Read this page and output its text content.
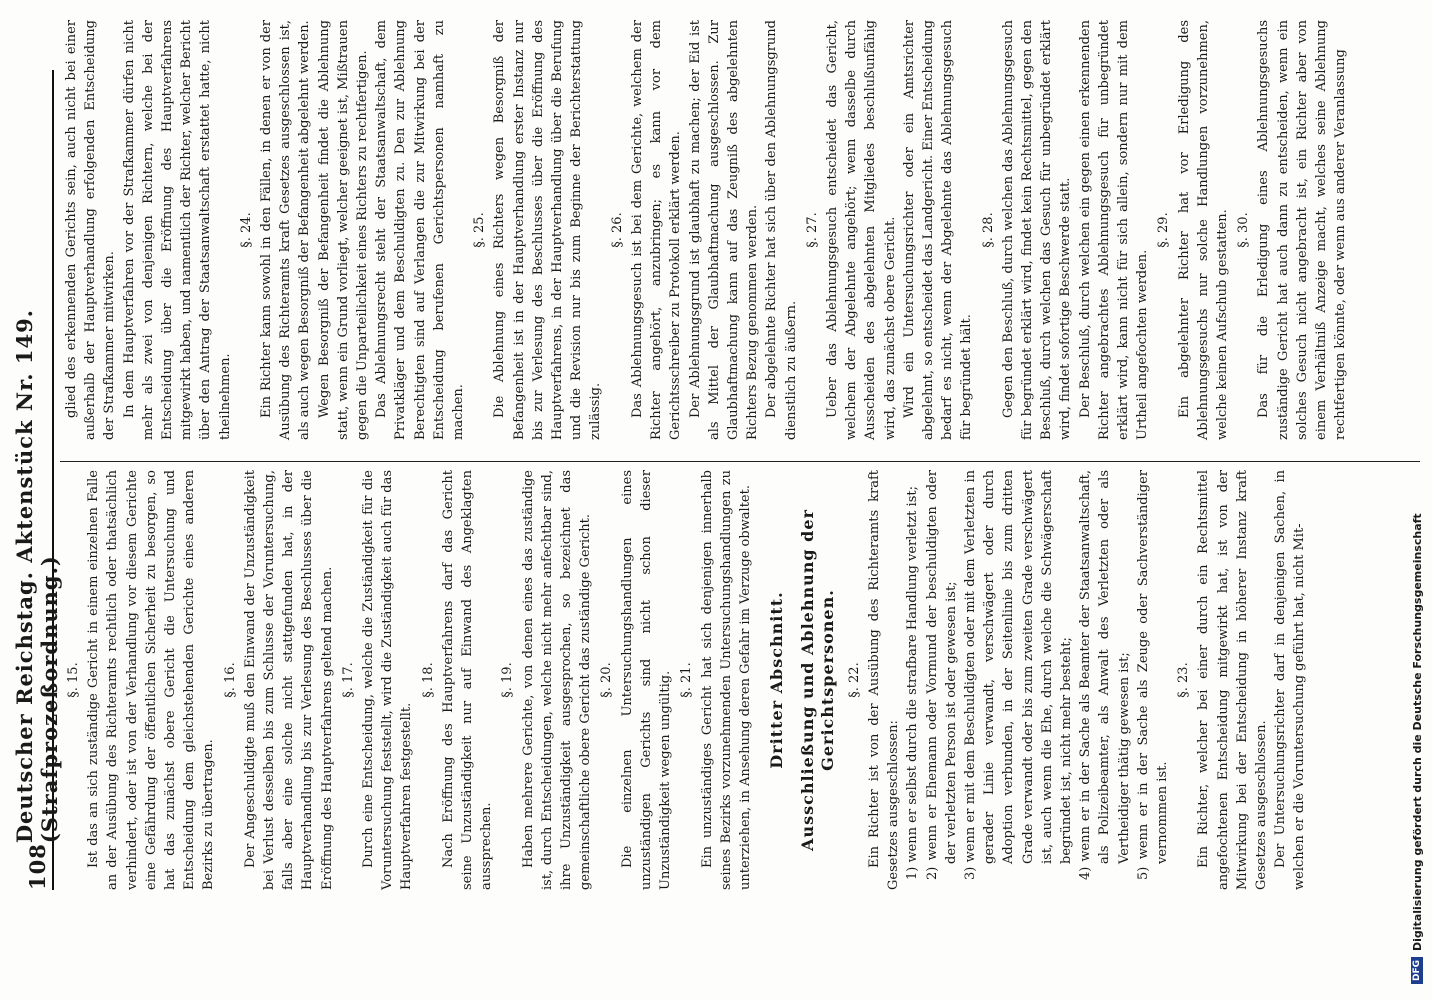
108
Deutscher Reichstag. Aktenstück Nr. 149. (Strafprozeßordnung.) §. 15. Ist das an sich zuständige Gericht in einem einzelnen Falle an der Ausübung des Richteramts rechtlich oder thatsächlich verhindert, oder ist von der Verhandlung vor diesem Gerichte eine Gefährdung der öffentlichen Sicherheit zu besorgen, so hat das zunächst obere Gericht die Untersuchung und Entscheidung dem gleichstehenden Gerichte eines anderen Bezirks zu übertragen.

§. 16. Der Angeschuldigte muß den Einwand der Unzuständigkeit bei Verlust desselben bis zum Schlusse der Voruntersuchung, falls aber eine solche nicht stattgefunden hat, in der Hauptverhandlung bis zur Verlesung des Beschlusses über die Eröffnung des Hauptverfahrens geltend machen. §. 17. Durch eine Entscheidung, welche die Zuständigkeit für die Voruntersuchung feststellt, wird die Zuständigkeit auch für das Hauptverfahren festgestellt.

§. 18. Nach Eröffnung des Hauptverfahrens darf das Gericht seine Unzuständigkeit nur auf Einwand des Angeklagten aussprechen.

§. 19. Haben mehrere Gerichte, von denen eines das zuständige ist, durch Entscheidungen, welche nicht mehr anfechtbar sind, ihre Unzuständigkeit ausgesprochen, so bezeichnet das gemeinschaftliche obere Gericht das zuständige Gericht. §. 20. Die einzelnen Untersuchungshandlungen eines unzuständigen Gerichts sind nicht schon dieser Unzuständigkeit wegen ungültig. §. 21. Ein unzuständiges Gericht hat sich denjenigen innerhalb seines Bezirks vorzunehmenden Untersuchungshandlungen zu unterziehen, in Ansehung deren Gefahr im Verzuge obwaltet. Dritter Abschnitt. Ausschließung und Ablehnung der Gerichtspersonen. §. 22. Ein Richter ist von der Ausübung des Richteramts kraft Gesetzes ausgeschlossen: 1) wenn er selbst durch die strafbare Handlung verletzt ist; 2) wenn er Ehemann oder Vormund der beschuldigten oder der verletzten Person ist oder gewesen ist; 3) wenn er mit dem Beschuldigten oder mit dem Verletzten in gerader Linie verwandt, verschwägert oder durch Adoption verbunden, in der Seitenlinie bis zum dritten Grade verwandt oder bis zum zweiten Grade verschwägert ist, auch wenn die Ehe, durch welche die Schwägerschaft begründet ist, nicht mehr besteht; 4) wenn er in der Sache als Beamter der Staatsanwaltschaft, als Polizeibeamter, als Anwalt des Verletzten oder als Vertheidiger thätig gewesen ist; 5) wenn er in der Sache als Zeuge oder Sachverständiger vernommen ist.

§. 23. Ein Richter, welcher bei einer durch ein Rechtsmittel angefochtenen Entscheidung mitgewirkt hat, ist von der Mitwirkung bei der Entscheidung in höherer Instanz kraft Gesetzes ausgeschlossen. Der Untersuchungsrichter darf in denjenigen Sachen, in welchen er die Voruntersuchung geführt hat, nicht Mit-

glied des erkennenden Gerichts sein, auch nicht bei einer außerhalb der Hauptverhandlung erfolgenden Entscheidung der Strafkammer mitwirken. In dem Hauptverfahren vor der Strafkammer dürfen nicht mehr als zwei von denjenigen Richtern, welche bei der Entscheidung über die Eröffnung des Hauptverfahrens mitgewirkt haben, und namentlich der Richter, welcher Bericht über den Antrag der Staatsanwaltschaft erstattet hatte, nicht theilnehmen.

§. 24. Ein Richter kann sowohl in den Fällen, in denen er von der Ausübung des Richteramts kraft Gesetzes ausgeschlossen ist, als auch wegen Besorgniß der Befangenheit abgelehnt werden. Wegen Besorgniß der Befangenheit findet die Ablehnung statt, wenn ein Grund vorliegt, welcher geeignet ist, Mißtrauen gegen die Unparteilichkeit eines Richters zu rechtfertigen. Das Ablehnungsrecht steht der Staatsanwaltschaft, dem Privatkläger und dem Beschuldigten zu. Den zur Ablehnung Berechtigten sind auf Verlangen die zur Mitwirkung bei der Entscheidung berufenen Gerichtspersonen namhaft zu machen.

§. 25. Die Ablehnung eines Richters wegen Besorgniß der Befangenheit ist in der Hauptverhandlung erster Instanz nur bis zur Verlesung des Beschlusses über die Eröffnung des Hauptverfahrens, in der Hauptverhandlung über die Berufung und die Revision nur bis zum Beginne der Berichterstattung zulässig.

§. 26. Das Ablehnungsgesuch ist bei dem Gerichte, welchem der Richter angehört, anzubringen; es kann vor dem Gerichtsschreiber zu Protokoll erklärt werden. Der Ablehnungsgrund ist glaubhaft zu machen; der Eid ist als Mittel der Glaubhaftmachung ausgeschlossen. Zur Glaubhaftmachung kann auf das Zeugniß des abgelehnten Richters Bezug genommen werden. Der abgelehnte Richter hat sich über den Ablehnungsgrund dienstlich zu äußern.

§. 27. Ueber das Ablehnungsgesuch entscheidet das Gericht, welchem der Abgelehnte angehört; wenn dasselbe durch Ausscheiden des abgelehnten Mitgliedes beschlußunfähig wird, das zunächst obere Gericht. Wird ein Untersuchungsrichter oder ein Amtsrichter abgelehnt, so entscheidet das Landgericht. Einer Entscheidung bedarf es nicht, wenn der Abgelehnte das Ablehnungsgesuch für begründet hält.

§. 28. Gegen den Beschluß, durch welchen das Ablehnungsgesuch für begründet erklärt wird, findet kein Rechtsmittel, gegen den Beschluß, durch welchen das Gesuch für unbegründet erklärt wird, findet sofortige Beschwerde statt. Der Beschluß, durch welchen ein gegen einen erkennenden Richter angebrachtes Ablehnungsgesuch für unbegründet erklärt wird, kann nicht für sich allein, sondern nur mit dem Urtheil angefochten werden.

§. 29. Ein abgelehnter Richter hat vor Erledigung des Ablehnungsgesuchs nur solche Handlungen vorzunehmen, welche keinen Aufschub gestatten. §. 30. Das für die Erledigung eines Ablehnungsgesuchs zuständige Gericht hat auch dann zu entscheiden, wenn ein solches Gesuch nicht angebracht ist, ein Richter aber von einem Verhältniß Anzeige macht, welches seine Ablehnung rechtfertigen könnte, oder wenn aus anderer Veranlassung

DFG
Digitalisierung gefördert durch die Deutsche Forschungsgemeinschaft
